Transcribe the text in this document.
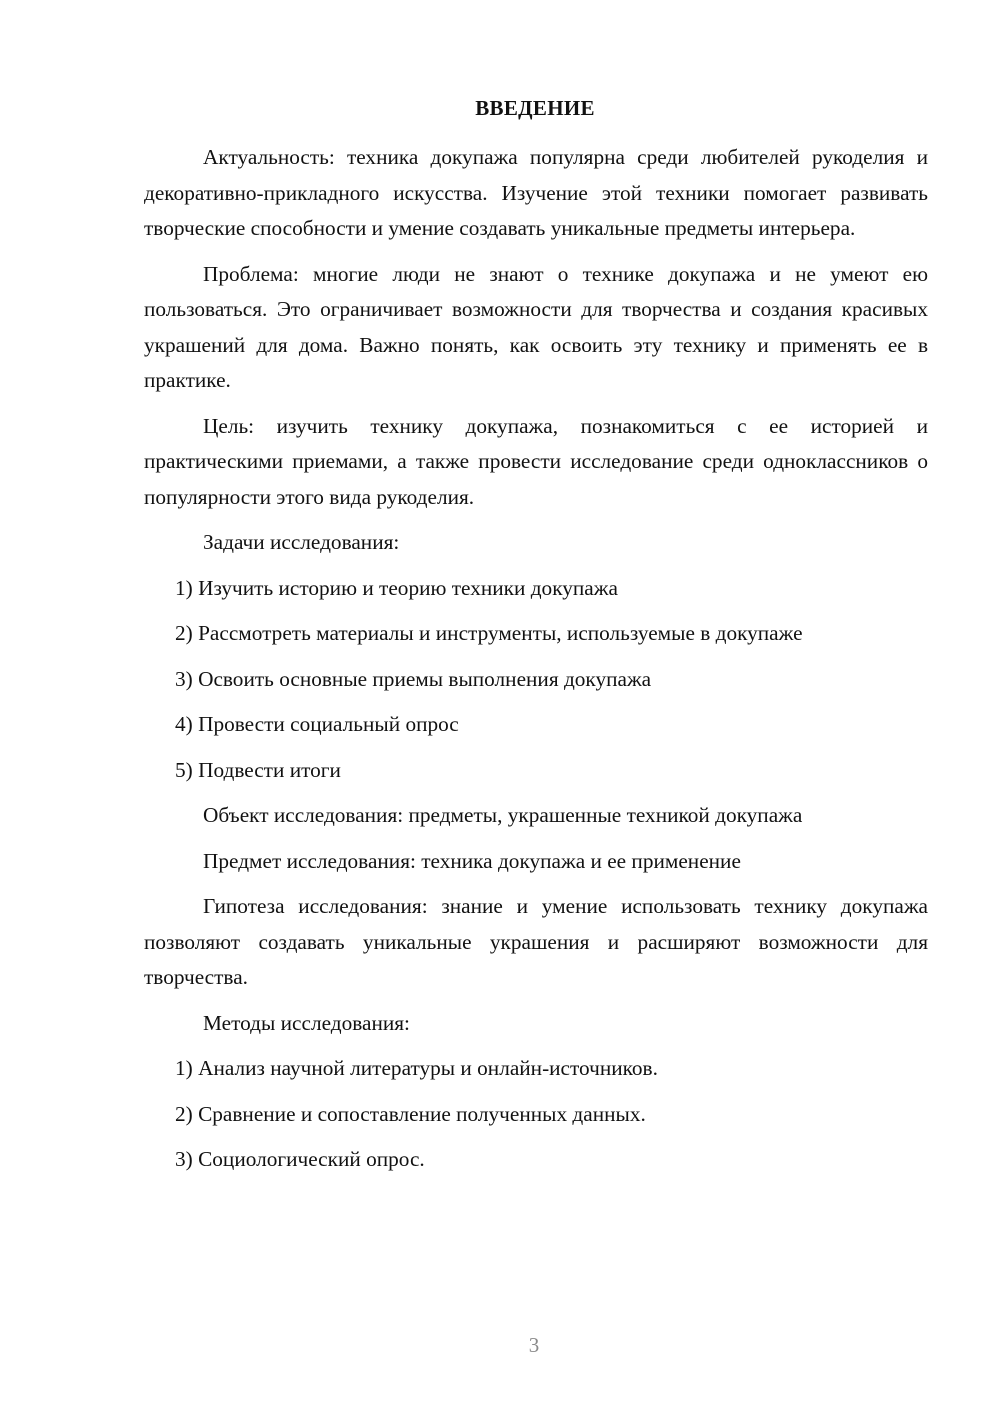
ВВЕДЕНИЕ

Актуальность: техника докупажа популярна среди любителей рукоделия и декоративно-прикладного искусства. Изучение этой техники помогает развивать творческие способности и умение создавать уникальные предметы интерьера.

Проблема: многие люди не знают о технике докупажа и не умеют ею пользоваться. Это ограничивает возможности для творчества и создания красивых украшений для дома. Важно понять, как освоить эту технику и применять ее в практике.

Цель: изучить технику докупажа, познакомиться с ее историей и практическими приемами, а также провести исследование среди одноклассников о популярности этого вида рукоделия.

Задачи исследования:

1) Изучить историю и теорию техники докупажа

2) Рассмотреть материалы и инструменты, используемые в докупаже

3) Освоить основные приемы выполнения докупажа

4) Провести социальный опрос

5) Подвести итоги

Объект исследования: предметы, украшенные техникой докупажа

Предмет исследования: техника докупажа и ее применение

Гипотеза исследования: знание и умение использовать технику докупажа позволяют создавать уникальные украшения и расширяют возможности для творчества.

Методы исследования:

1) Анализ научной литературы и онлайн-источников.

2) Сравнение и сопоставление полученных данных.

3) Социологический опрос.

3
